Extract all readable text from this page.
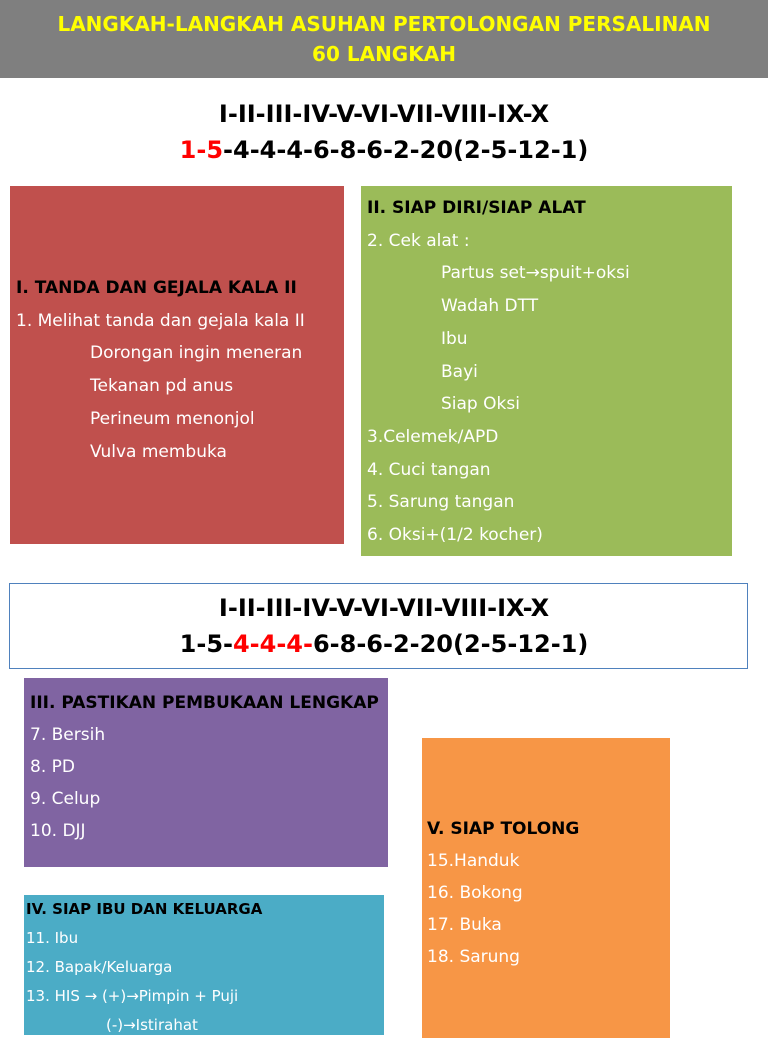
LANGKAH-LANGKAH ASUHAN PERTOLONGAN PERSALINAN
60 LANGKAH
I-II-III-IV-V-VI-VII-VIII-IX-X
1-5-4-4-4-6-8-6-2-20(2-5-12-1)
I. TANDA DAN GEJALA KALA II
1. Melihat tanda dan gejala kala II
Dorongan ingin meneran
Tekanan pd anus
Perineum menonjol
Vulva membuka
II. SIAP DIRI/SIAP ALAT
2. Cek alat :
Partus set→spuit+oksi
Wadah DTT
Ibu
Bayi
Siap Oksi
3.Celemek/APD
4. Cuci tangan
5. Sarung tangan
6. Oksi+(1/2 kocher)
I-II-III-IV-V-VI-VII-VIII-IX-X
1-5-4-4-4-6-8-6-2-20(2-5-12-1)
III. PASTIKAN PEMBUKAAN LENGKAP
7. Bersih
8. PD
9. Celup
10. DJJ
IV. SIAP IBU DAN KELUARGA
11. Ibu
12. Bapak/Keluarga
13. HIS → (+)→Pimpin + Puji
(-)→Istirahat
V. SIAP TOLONG
15.Handuk
16. Bokong
17. Buka
18. Sarung
